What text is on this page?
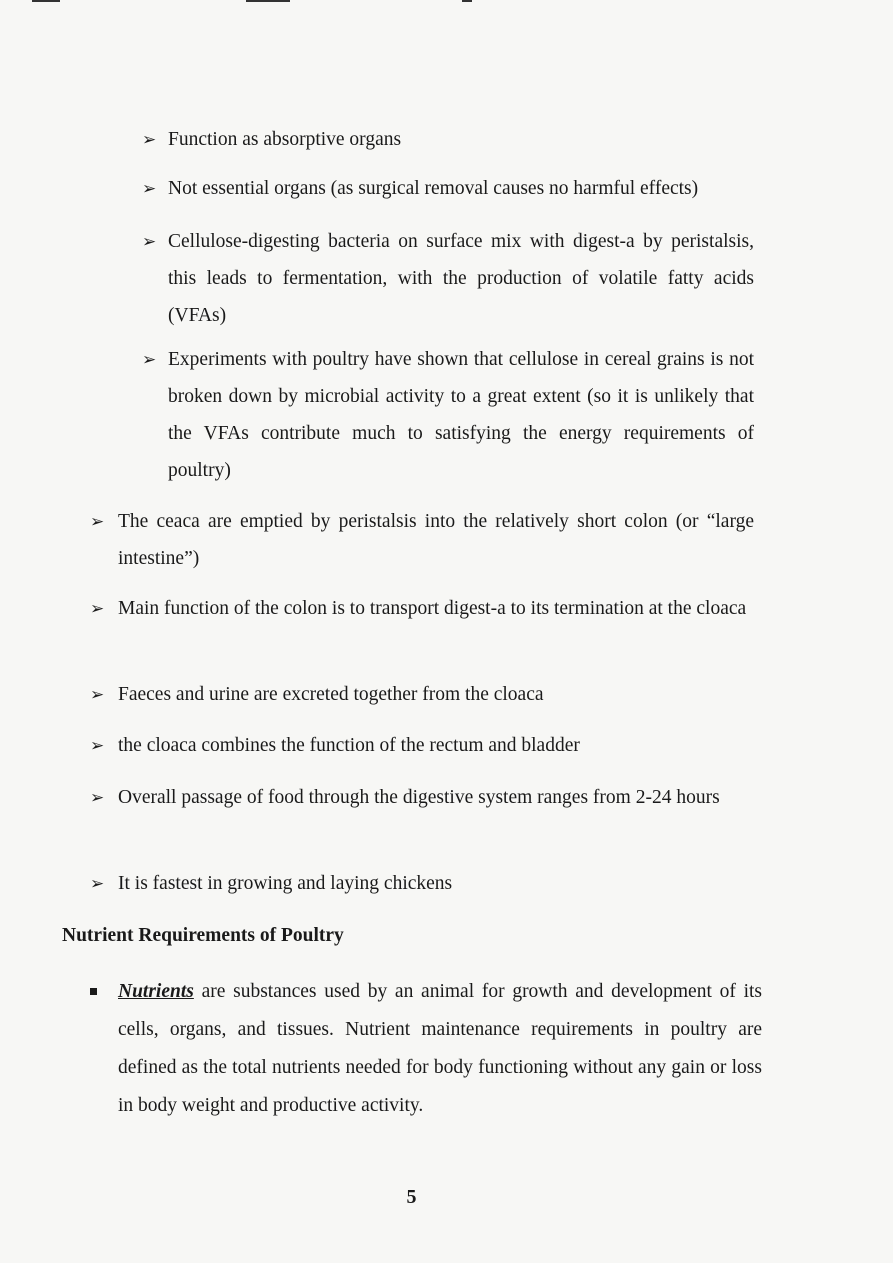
➢ Function as absorptive organs
➢ Not essential organs (as surgical removal causes no harmful effects)
➢ Cellulose-digesting bacteria on surface mix with digest-a by peristalsis, this leads to fermentation, with the production of volatile fatty acids (VFAs)
➢ Experiments with poultry have shown that cellulose in cereal grains is not broken down by microbial activity to a great extent (so it is unlikely that the VFAs contribute much to satisfying the energy requirements of poultry)
➢ The ceaca are emptied by peristalsis into the relatively short colon (or “large intestine”)
➢ Main function of the colon is to transport digest-a to its termination at the cloaca
➢ Faeces and urine are excreted together from the cloaca
➢ the cloaca combines the function of the rectum and bladder
➢ Overall passage of food through the digestive system ranges from 2-24 hours
➢ It is fastest in growing and laying chickens
Nutrient Requirements of Poultry
Nutrients are substances used by an animal for growth and development of its cells, organs, and tissues. Nutrient maintenance requirements in poultry are defined as the total nutrients needed for body functioning without any gain or loss in body weight and productive activity.
5
